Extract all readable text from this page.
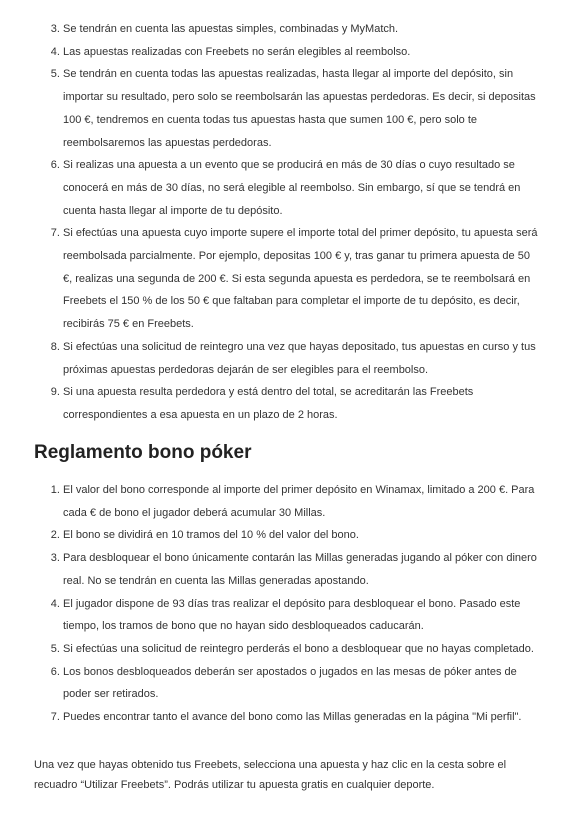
3. Se tendrán en cuenta las apuestas simples, combinadas y MyMatch.
4. Las apuestas realizadas con Freebets no serán elegibles al reembolso.
5. Se tendrán en cuenta todas las apuestas realizadas, hasta llegar al importe del depósito, sin importar su resultado, pero solo se reembolsarán las apuestas perdedoras. Es decir, si depositas 100 €, tendremos en cuenta todas tus apuestas hasta que sumen 100 €, pero solo te reembolsaremos las apuestas perdedoras.
6. Si realizas una apuesta a un evento que se producirá en más de 30 días o cuyo resultado se conocerá en más de 30 días, no será elegible al reembolso. Sin embargo, sí que se tendrá en cuenta hasta llegar al importe de tu depósito.
7. Si efectúas una apuesta cuyo importe supere el importe total del primer depósito, tu apuesta será reembolsada parcialmente. Por ejemplo, depositas 100 € y, tras ganar tu primera apuesta de 50 €, realizas una segunda de 200 €. Si esta segunda apuesta es perdedora, se te reembolsará en Freebets el 150 % de los 50 € que faltaban para completar el importe de tu depósito, es decir, recibirás 75 € en Freebets.
8. Si efectúas una solicitud de reintegro una vez que hayas depositado, tus apuestas en curso y tus próximas apuestas perdedoras dejarán de ser elegibles para el reembolso.
9. Si una apuesta resulta perdedora y está dentro del total, se acreditarán las Freebets correspondientes a esa apuesta en un plazo de 2 horas.
Reglamento bono póker
1. El valor del bono corresponde al importe del primer depósito en Winamax, limitado a 200 €. Para cada € de bono el jugador deberá acumular 30 Millas.
2. El bono se dividirá en 10 tramos del 10 % del valor del bono.
3. Para desbloquear el bono únicamente contarán las Millas generadas jugando al póker con dinero real. No se tendrán en cuenta las Millas generadas apostando.
4. El jugador dispone de 93 días tras realizar el depósito para desbloquear el bono. Pasado este tiempo, los tramos de bono que no hayan sido desbloqueados caducarán.
5. Si efectúas una solicitud de reintegro perderás el bono a desbloquear que no hayas completado.
6. Los bonos desbloqueados deberán ser apostados o jugados en las mesas de póker antes de poder ser retirados.
7. Puedes encontrar tanto el avance del bono como las Millas generadas en la página "Mi perfil".

Una vez que hayas obtenido tus Freebets, selecciona una apuesta y haz clic en la cesta sobre el recuadro “Utilizar Freebets”. Podrás utilizar tu apuesta gratis en cualquier deporte.
